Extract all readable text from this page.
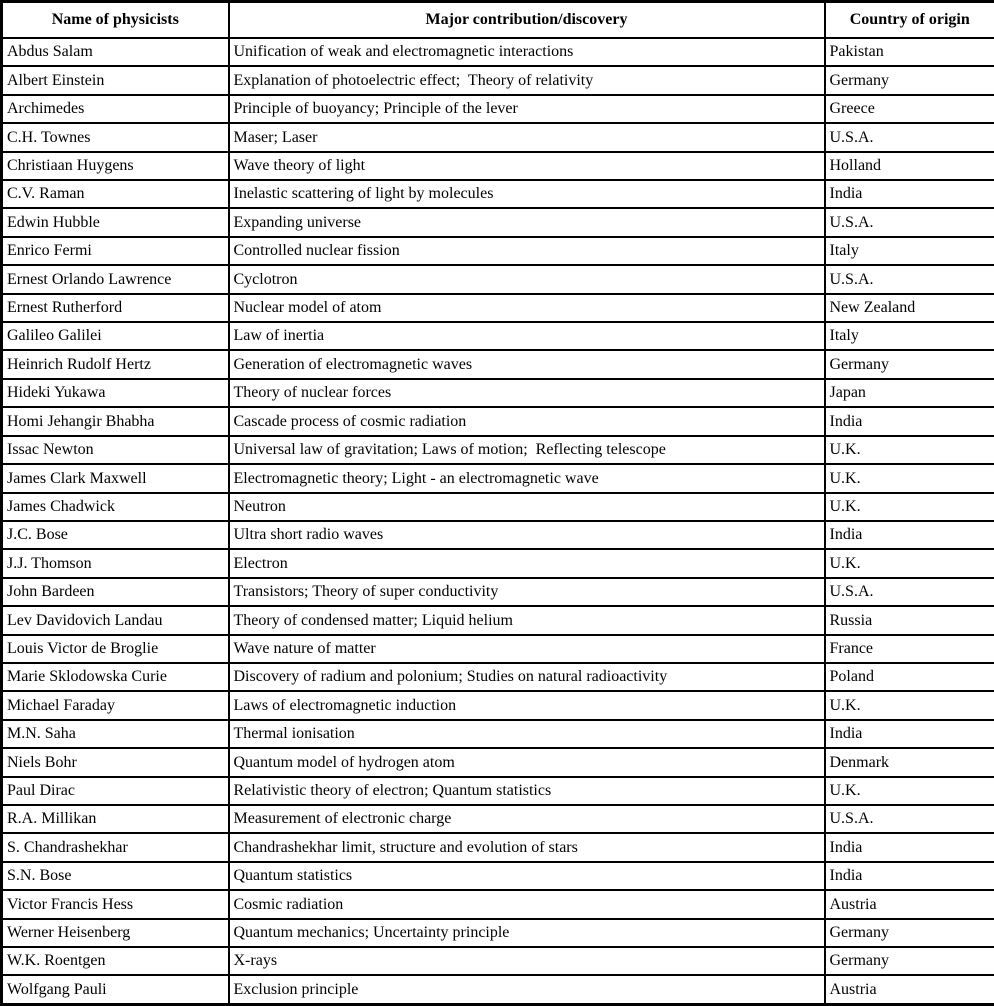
Name of physicists	Major contribution/discovery	Country of origin
Abdus Salam	Unification of weak and electromagnetic interactions	Pakistan
Albert Einstein	Explanation of photoelectric effect;  Theory of relativity	Germany
Archimedes	Principle of buoyancy; Principle of the lever	Greece
C.H. Townes	Maser; Laser	U.S.A.
Christiaan Huygens	Wave theory of light	Holland
C.V. Raman	Inelastic scattering of light by molecules	India
Edwin Hubble	Expanding universe	U.S.A.
Enrico Fermi	Controlled nuclear fission	Italy
Ernest Orlando Lawrence	Cyclotron	U.S.A.
Ernest Rutherford	Nuclear model of atom	New Zealand
Galileo Galilei	Law of inertia	Italy
Heinrich Rudolf Hertz	Generation of electromagnetic waves	Germany
Hideki Yukawa	Theory of nuclear forces	Japan
Homi Jehangir Bhabha	Cascade process of cosmic radiation	India
Issac Newton	Universal law of gravitation; Laws of motion;  Reflecting telescope	U.K.
James Clark Maxwell	Electromagnetic theory; Light - an electromagnetic wave	U.K.
James Chadwick	Neutron	U.K.
J.C. Bose	Ultra short radio waves	India
J.J. Thomson	Electron	U.K.
John Bardeen	Transistors; Theory of super conductivity	U.S.A.
Lev Davidovich Landau	Theory of condensed matter; Liquid helium	Russia
Louis Victor de Broglie	Wave nature of matter	France
Marie Sklodowska Curie	Discovery of radium and polonium; Studies on natural radioactivity	Poland
Michael Faraday	Laws of electromagnetic induction	U.K.
M.N. Saha	Thermal ionisation	India
Niels Bohr	Quantum model of hydrogen atom	Denmark
Paul Dirac	Relativistic theory of electron; Quantum statistics	U.K.
R.A. Millikan	Measurement of electronic charge	U.S.A.
S. Chandrashekhar	Chandrashekhar limit, structure and evolution of stars	India
S.N. Bose	Quantum statistics	India
Victor Francis Hess	Cosmic radiation	Austria
Werner Heisenberg	Quantum mechanics; Uncertainty principle	Germany
W.K. Roentgen	X-rays	Germany
Wolfgang Pauli	Exclusion principle	Austria
